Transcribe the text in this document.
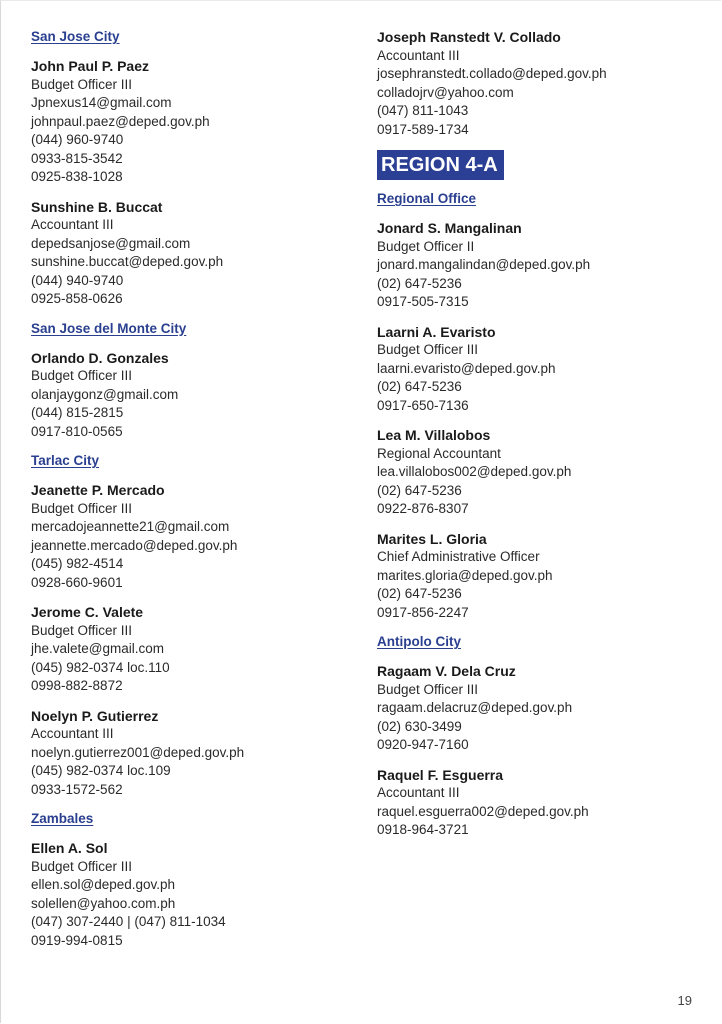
San Jose City
John Paul P. Paez
Budget Officer III
Jpnexus14@gmail.com
johnpaul.paez@deped.gov.ph
(044) 960-9740
0933-815-3542
0925-838-1028
Sunshine B. Buccat
Accountant III
depedsanjose@gmail.com
sunshine.buccat@deped.gov.ph
(044) 940-9740
0925-858-0626
San Jose del Monte City
Orlando D. Gonzales
Budget Officer III
olanjaygonz@gmail.com
(044) 815-2815
0917-810-0565
Tarlac City
Jeanette P. Mercado
Budget Officer III
mercadojeannette21@gmail.com
jeannette.mercado@deped.gov.ph
(045) 982-4514
0928-660-9601
Jerome C. Valete
Budget Officer III
jhe.valete@gmail.com
(045) 982-0374 loc.110
0998-882-8872
Noelyn P. Gutierrez
Accountant III
noelyn.gutierrez001@deped.gov.ph
(045) 982-0374 loc.109
0933-1572-562
Zambales
Ellen A. Sol
Budget Officer III
ellen.sol@deped.gov.ph
solellen@yahoo.com.ph
(047) 307-2440 | (047) 811-1034
0919-994-0815
Joseph Ranstedt V. Collado
Accountant III
josephranstedt.collado@deped.gov.ph
colladojrv@yahoo.com
(047) 811-1043
0917-589-1734
REGION 4-A
Regional Office
Jonard S. Mangalinan
Budget Officer II
jonard.mangalindan@deped.gov.ph
(02) 647-5236
0917-505-7315
Laarni A. Evaristo
Budget Officer III
laarni.evaristo@deped.gov.ph
(02) 647-5236
0917-650-7136
Lea M. Villalobos
Regional Accountant
lea.villalobos002@deped.gov.ph
(02) 647-5236
0922-876-8307
Marites L. Gloria
Chief Administrative Officer
marites.gloria@deped.gov.ph
(02) 647-5236
0917-856-2247
Antipolo City
Ragaam V. Dela Cruz
Budget Officer III
ragaam.delacruz@deped.gov.ph
(02) 630-3499
0920-947-7160
Raquel F. Esguerra
Accountant III
raquel.esguerra002@deped.gov.ph
0918-964-3721
19
